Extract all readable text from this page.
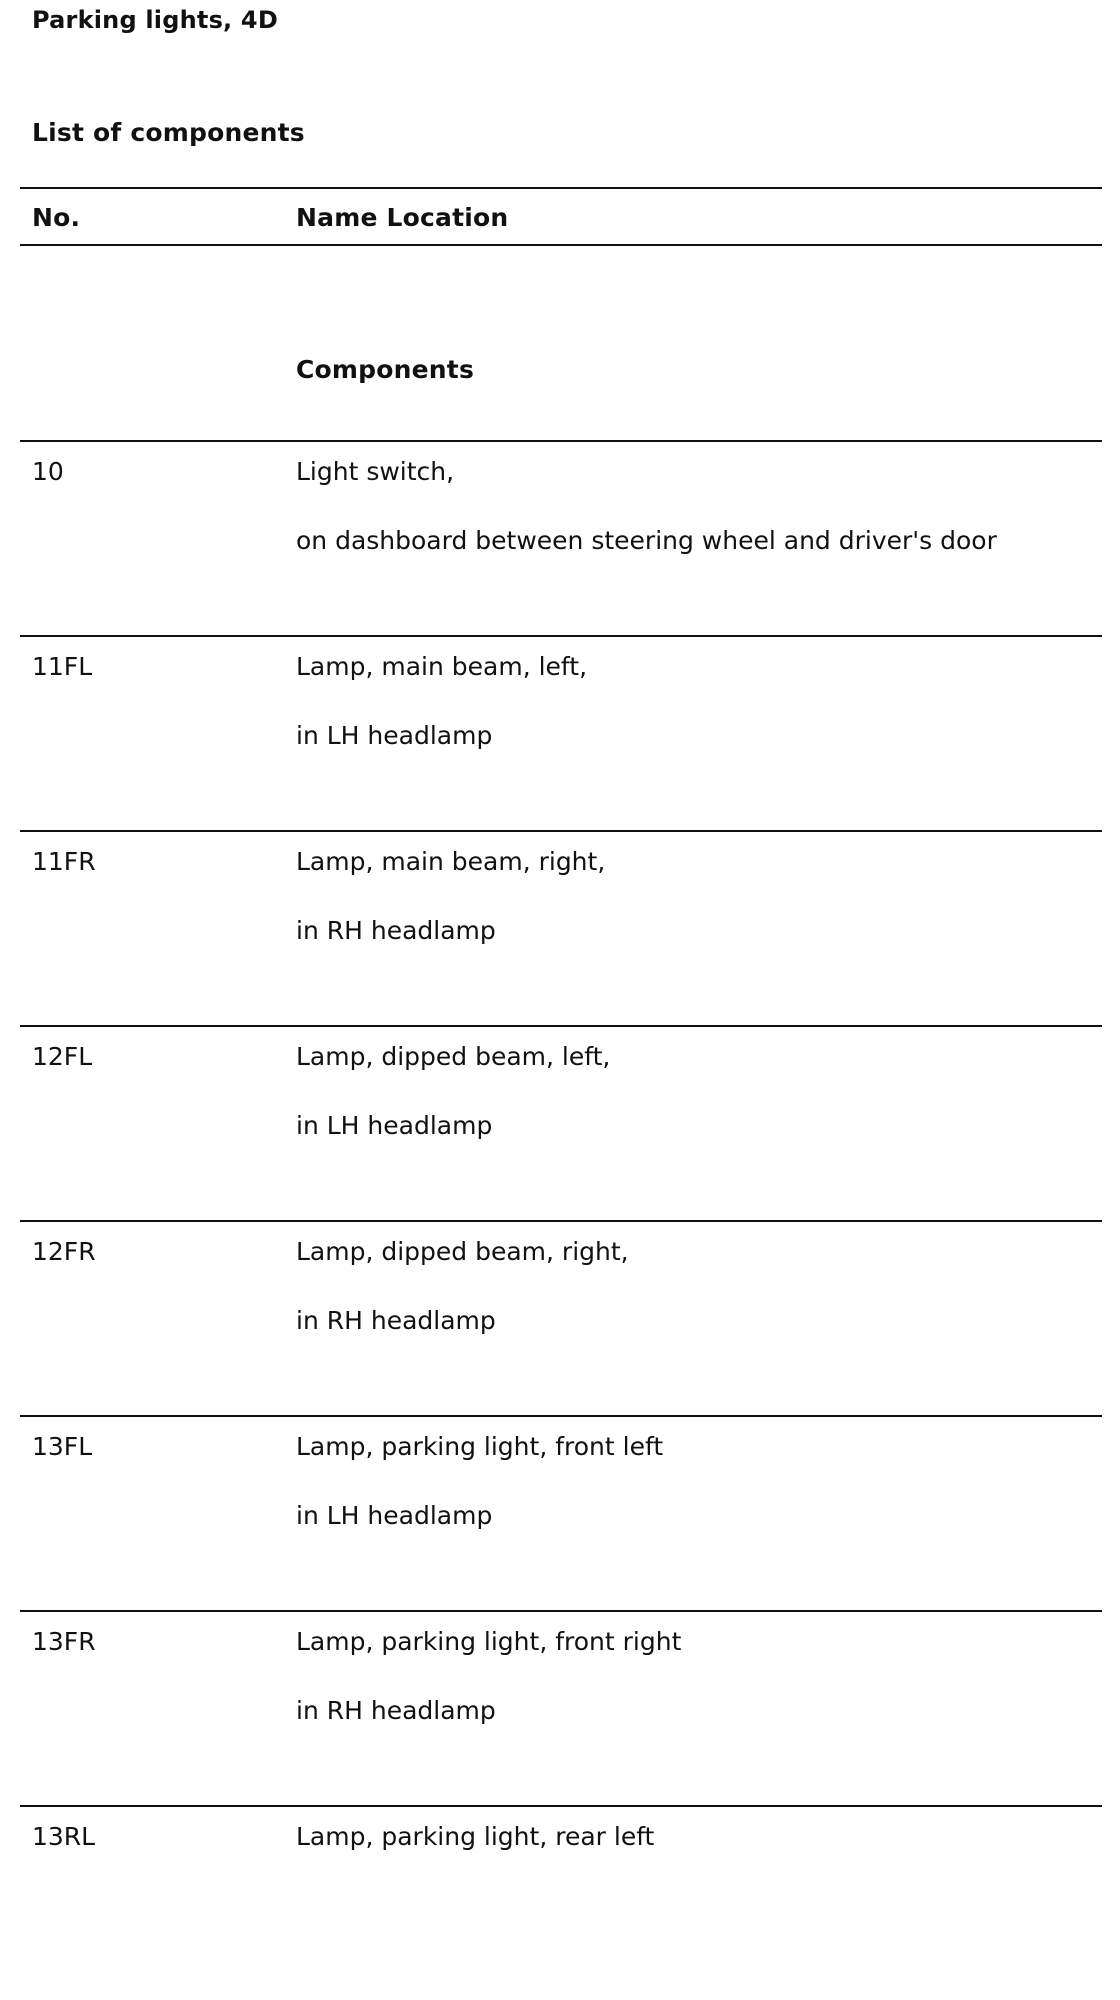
Parking lights, 4D
List of components
No.	Name Location
Components
10	Light switch,
on dashboard between steering wheel and driver's door
11FL	Lamp, main beam, left,
in LH headlamp
11FR	Lamp, main beam, right,
in RH headlamp
12FL	Lamp, dipped beam, left,
in LH headlamp
12FR	Lamp, dipped beam, right,
in RH headlamp
13FL	Lamp, parking light, front left
in LH headlamp
13FR	Lamp, parking light, front right
in RH headlamp
13RL	Lamp, parking light, rear left
